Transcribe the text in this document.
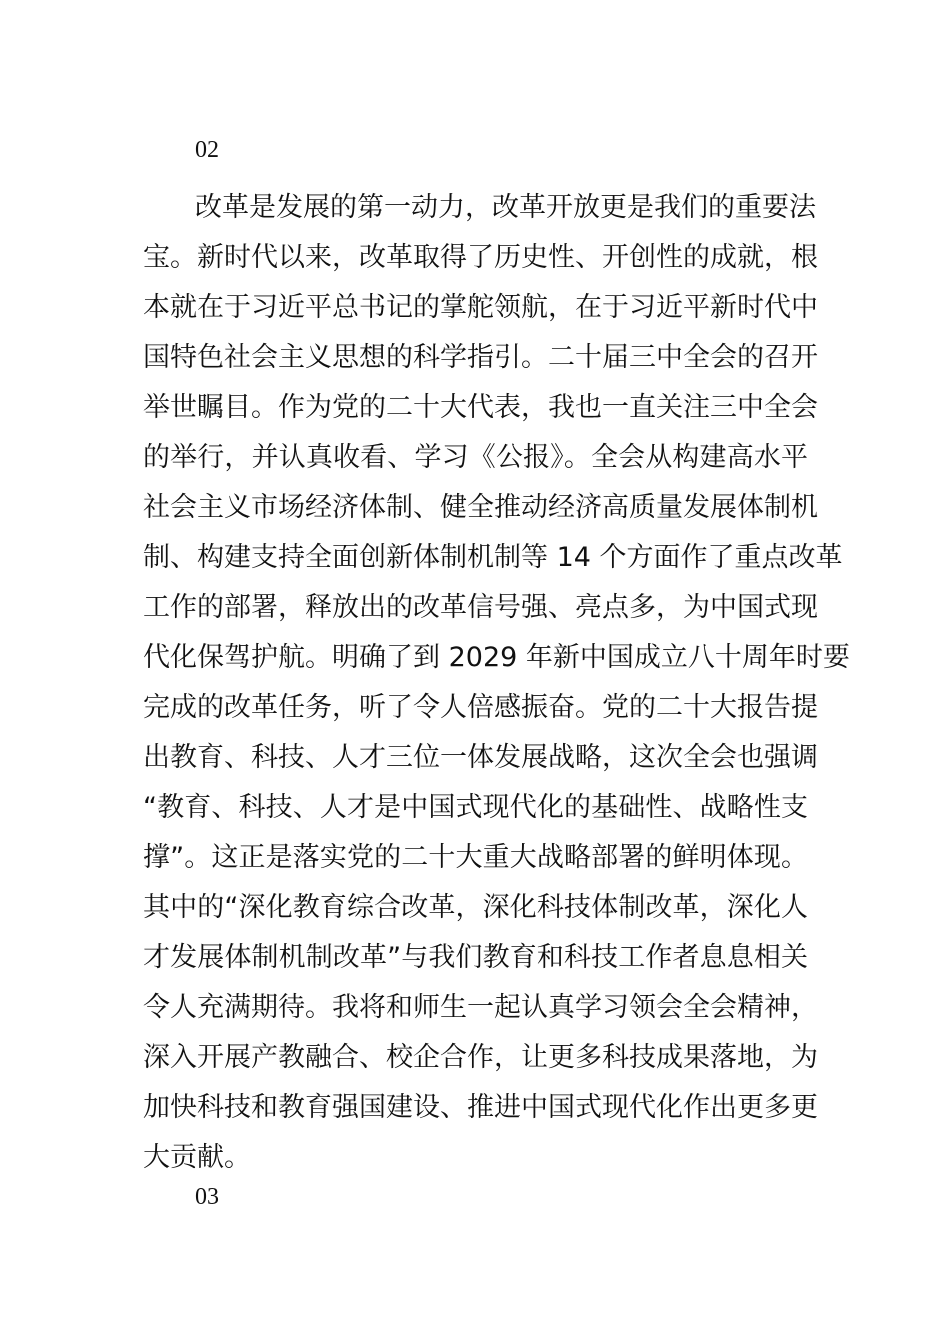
02
改革是发展的第一动力，改革开放更是我们的重要法
宝。新时代以来，改革取得了历史性、开创性的成就，根
本就在于习近平总书记的掌舵领航，在于习近平新时代中
国特色社会主义思想的科学指引。二十届三中全会的召开
举世瞩目。作为党的二十大代表，我也一直关注三中全会
的举行，并认真收看、学习《公报》。全会从构建高水平
社会主义市场经济体制、健全推动经济高质量发展体制机
制、构建支持全面创新体制机制等 14 个方面作了重点改革
工作的部署，释放出的改革信号强、亮点多，为中国式现
代化保驾护航。明确了到 2029 年新中国成立八十周年时要
完成的改革任务，听了令人倍感振奋。党的二十大报告提
出教育、科技、人才三位一体发展战略，这次全会也强调
“教育、科技、人才是中国式现代化的基础性、战略性支
撑”。这正是落实党的二十大重大战略部署的鲜明体现。
其中的“深化教育综合改革，深化科技体制改革，深化人
才发展体制机制改革”与我们教育和科技工作者息息相关
令人充满期待。我将和师生一起认真学习领会全会精神，
深入开展产教融合、校企合作，让更多科技成果落地，为
加快科技和教育强国建设、推进中国式现代化作出更多更
大贡献。
03
